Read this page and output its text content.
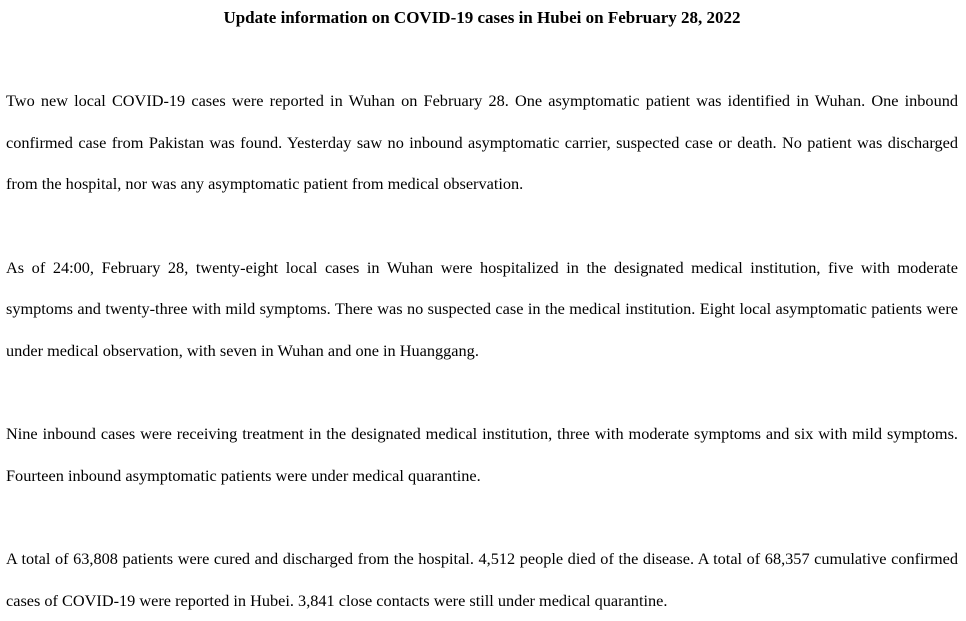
Update information on COVID-19 cases in Hubei on February 28, 2022

Two new local COVID-19 cases were reported in Wuhan on February 28. One asymptomatic patient was identified in Wuhan. One inbound confirmed case from Pakistan was found. Yesterday saw no inbound asymptomatic carrier, suspected case or death. No patient was discharged from the hospital, nor was any asymptomatic patient from medical observation.

As of 24:00, February 28, twenty-eight local cases in Wuhan were hospitalized in the designated medical institution, five with moderate symptoms and twenty-three with mild symptoms. There was no suspected case in the medical institution. Eight local asymptomatic patients were under medical observation, with seven in Wuhan and one in Huanggang.

Nine inbound cases were receiving treatment in the designated medical institution, three with moderate symptoms and six with mild symptoms. Fourteen inbound asymptomatic patients were under medical quarantine.

A total of 63,808 patients were cured and discharged from the hospital. 4,512 people died of the disease. A total of 68,357 cumulative confirmed cases of COVID-19 were reported in Hubei. 3,841 close contacts were still under medical quarantine.
